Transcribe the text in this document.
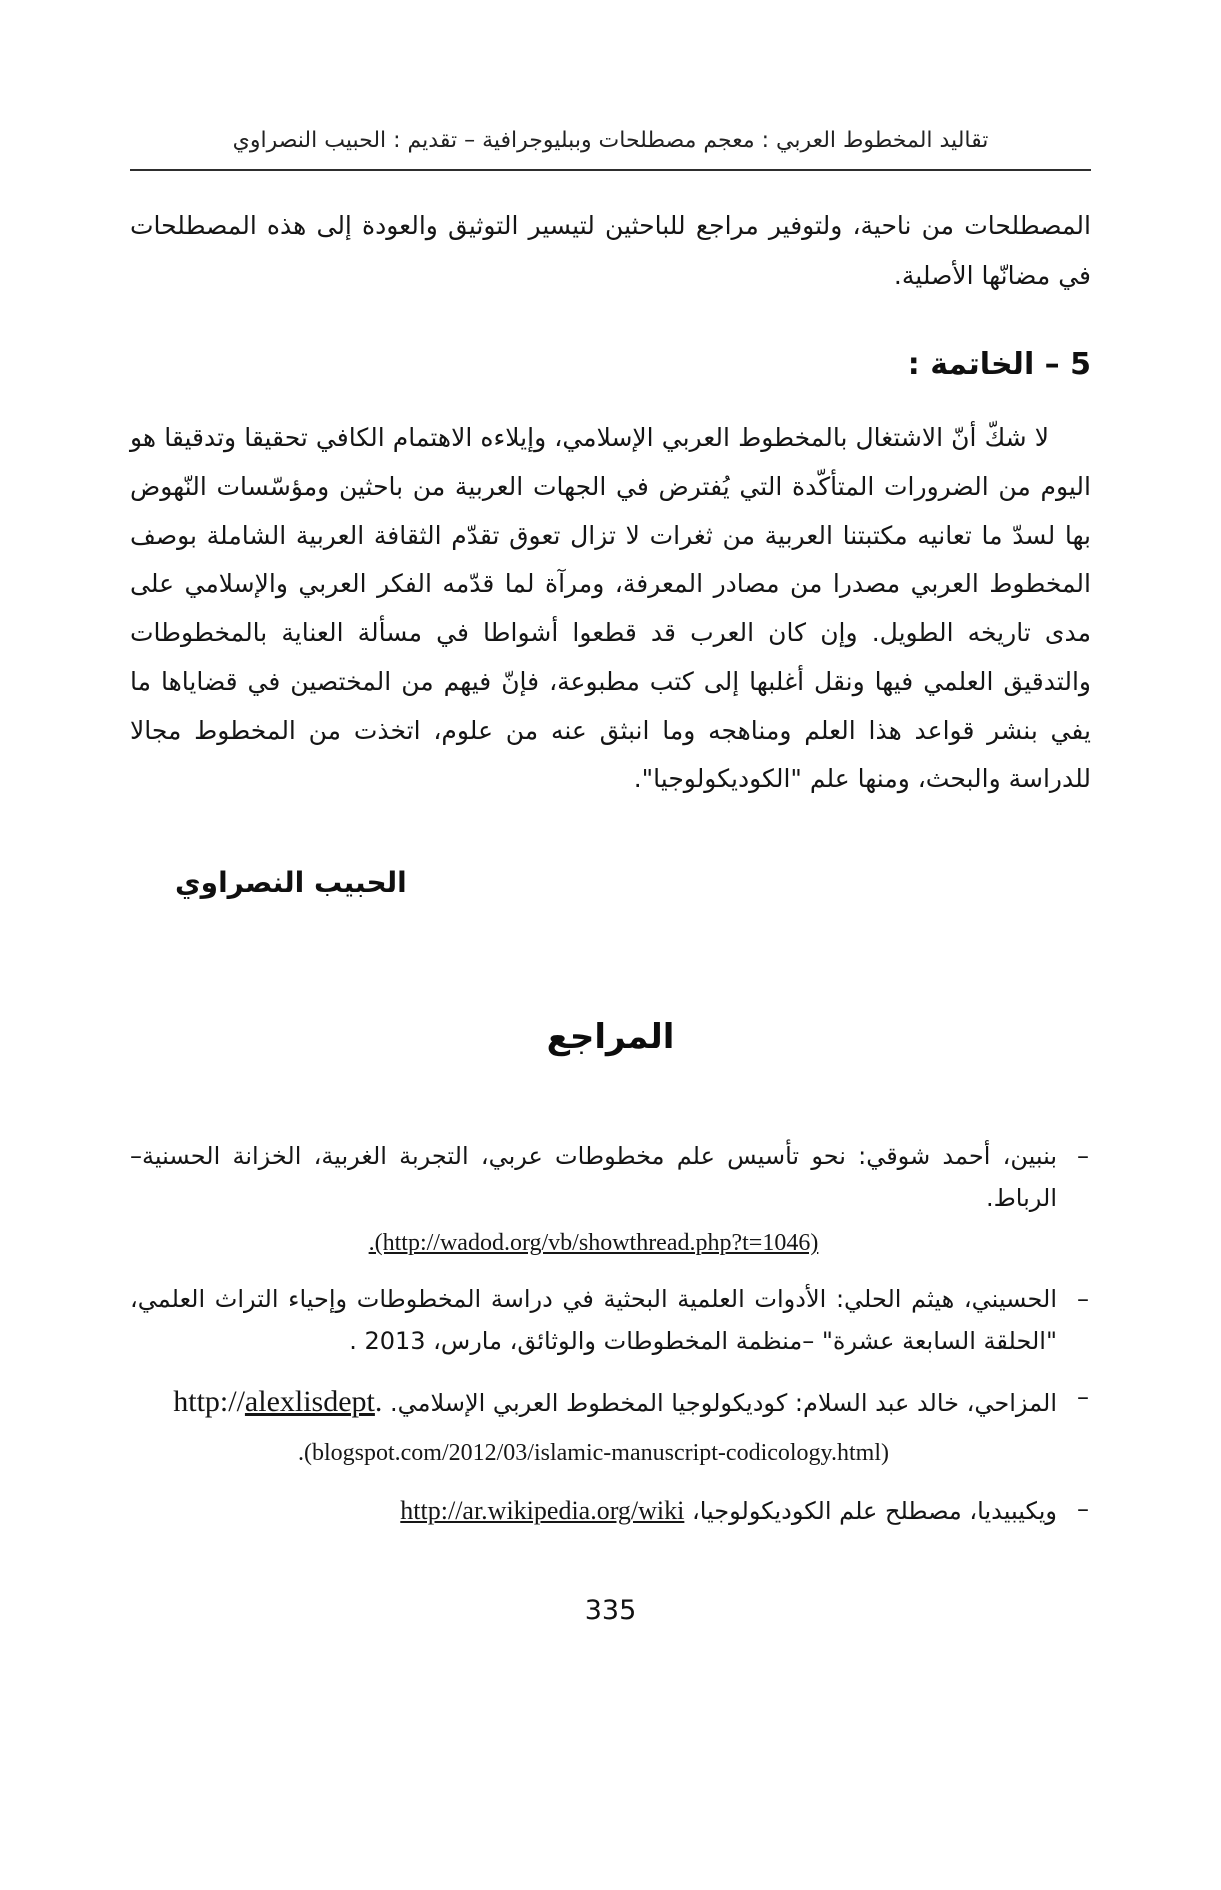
تقاليد المخطوط العربي : معجم مصطلحات وببليوجرافية – تقديم : الحبيب النصراوي

المصطلحات من ناحية، ولتوفير مراجع للباحثين لتيسير التوثيق والعودة إلى هذه المصطلحات في مضانّها الأصلية.

5 – الخاتمة :

لا شكّ أنّ الاشتغال بالمخطوط العربي الإسلامي، وإيلاءه الاهتمام الكافي تحقيقا وتدقيقا هو اليوم من الضرورات المتأكّدة التي يُفترض في الجهات العربية من باحثين ومؤسّسات النّهوض بها لسدّ ما تعانيه مكتبتنا العربية من ثغرات لا تزال تعوق تقدّم الثقافة العربية الشاملة بوصف المخطوط العربي مصدرا من مصادر المعرفة، ومرآة لما قدّمه الفكر العربي والإسلامي على مدى تاريخه الطويل. وإن كان العرب قد قطعوا أشواطا في مسألة العناية بالمخطوطات والتدقيق العلمي فيها ونقل أغلبها إلى كتب مطبوعة، فإنّ فيهم من المختصين في قضاياها ما يفي بنشر قواعد هذا العلم ومناهجه وما انبثق عنه من علوم، اتخذت من المخطوط مجالا للدراسة والبحث، ومنها علم "الكوديكولوجيا".

الحبيب النصراوي

المراجع
–
بنبين، أحمد شوقي: نحو تأسيس علم مخطوطات عربي، التجربة الغربية، الخزانة الحسنية– الرباط.
.(http://wadod.org/vb/showthread.php?t=1046)
–
الحسيني، هيثم الحلي: الأدوات العلمية البحثية في دراسة المخطوطات وإحياء التراث العلمي، "الحلقة السابعة عشرة" –منظمة المخطوطات والوثائق، مارس، 2013 .
–
المزاحي، خالد عبد السلام: كوديكولوجيا المخطوط العربي الإسلامي. http://alexlisdept.
.(blogspot.com/2012/03/islamic-manuscript-codicology.html)
–
ويكيبيديا، مصطلح علم الكوديكولوجيا، http://ar.wikipedia.org/wiki
335
